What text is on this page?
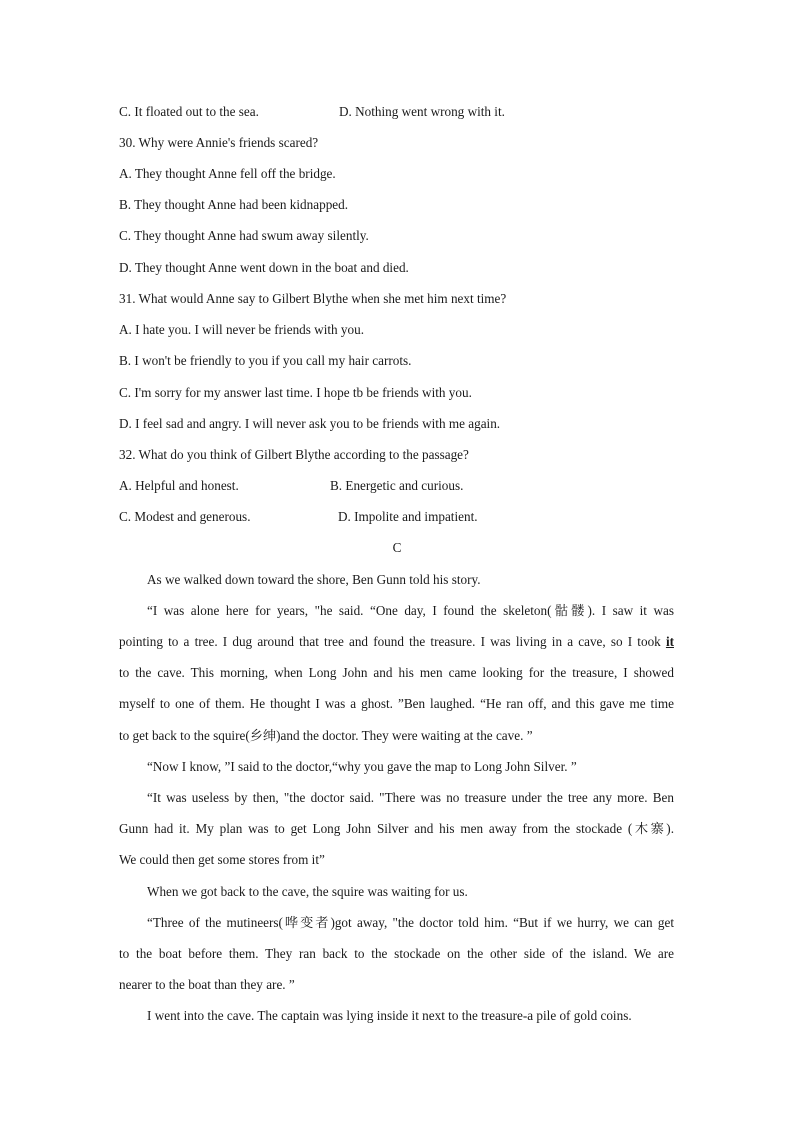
C. It floated out to the sea.	D. Nothing went wrong with it.
30. Why were Annie's friends scared?
A. They thought Anne fell off the bridge.
B. They thought Anne had been kidnapped.
C. They thought Anne had swum away silently.
D. They thought Anne went down in the boat and died.
31. What would Anne say to Gilbert Blythe when she met him next time?
A. I hate you. I will never be friends with you.
B. I won't be friendly to you if you call my hair carrots.
C. I'm sorry for my answer last time. I hope tb be friends with you.
D. I feel sad and angry. I will never ask you to be friends with me again.
32. What do you think of Gilbert Blythe according to the passage?
A. Helpful and honest.	B. Energetic and curious.
C. Modest and generous.	D. Impolite and impatient.
C
As we walked down toward the shore, Ben Gunn told his story.
“I was alone here for years, "he said. “One day, I found the skeleton(骷髅). I saw it was
pointing to a tree. I dug around that tree and found the treasure. I was living in a cave, so I took it
to the cave. This morning, when Long John and his men came looking for the treasure, I showed
myself to one of them. He thought I was a ghost. ”Ben laughed. “He ran off, and this gave me time
to get back to the squire(乡绅)and the doctor. They were waiting at the cave. ”
“Now I know, ”I said to the doctor,“why you gave the map to Long John Silver. ”
“It was useless by then, "the doctor said. "There was no treasure under the tree any more. Ben
Gunn had it. My plan was to get Long John Silver and his men away from the stockade (木寨).
We could then get some stores from it”
When we got back to the cave, the squire was waiting for us.
“Three of the mutineers(哗变者)got away, "the doctor told him. “But if we hurry, we can get
to the boat before them. They ran back to the stockade on the other side of the island. We are
nearer to the boat than they are. ”
I went into the cave. The captain was lying inside it next to the treasure-a pile of gold coins.
